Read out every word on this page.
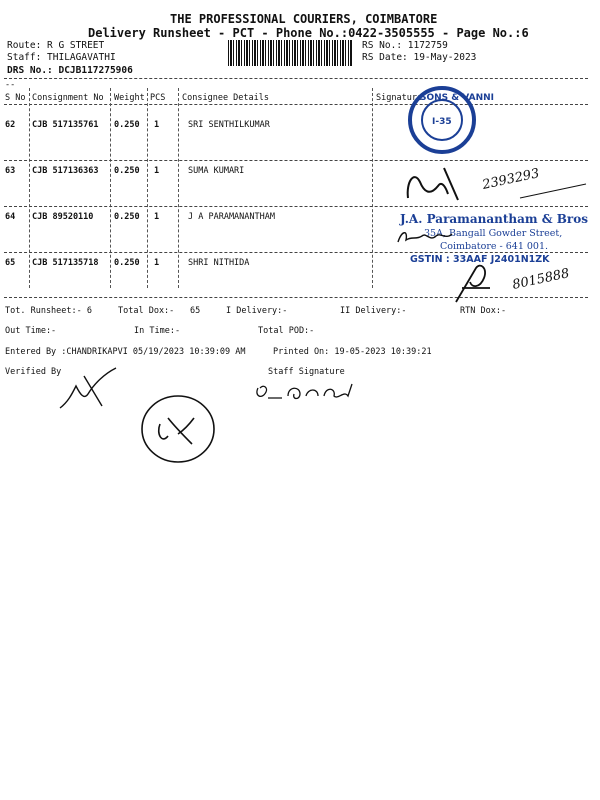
THE PROFESSIONAL COURIERS, COIMBATORE
Delivery Runsheet - PCT - Phone No.:0422-3505555 - Page No.:6
Route: R G STREET
Staff: THILAGAVATHI
DRS No.: DCJB117275906
RS No.: 1172759
RS Date: 19-May-2023
--
S No Consignment No Weight PCS Consignee Details	Signature
62 CJB 517135761 0.250 1	SRI SENTHILKUMAR
63 CJB 517136363 0.250 1	SUMA KUMARI
64 CJB 89520110 0.250 1	J A PARAMANANTHAM
65 CJB 517135718 0.250 1	SHRI NITHIDA
Tot. Runsheet:- 6	Total Dox:- 65	I Delivery:-	II Delivery:-	RTN Dox:-
Out Time:-	In Time:-	Total POD:-
Entered By :CHANDRIKAPVI 05/19/2023 10:39:09 AM	Printed On: 19-05-2023 10:39:21
Verified By	Staff Signature
SONS & VANNI
I-35
2393293
J.A. Paramanantham & Bros
35A, Bangall Gowder Street,
Coimbatore - 641 001.
GSTIN : 33AAF J2401N1ZK
8015888
